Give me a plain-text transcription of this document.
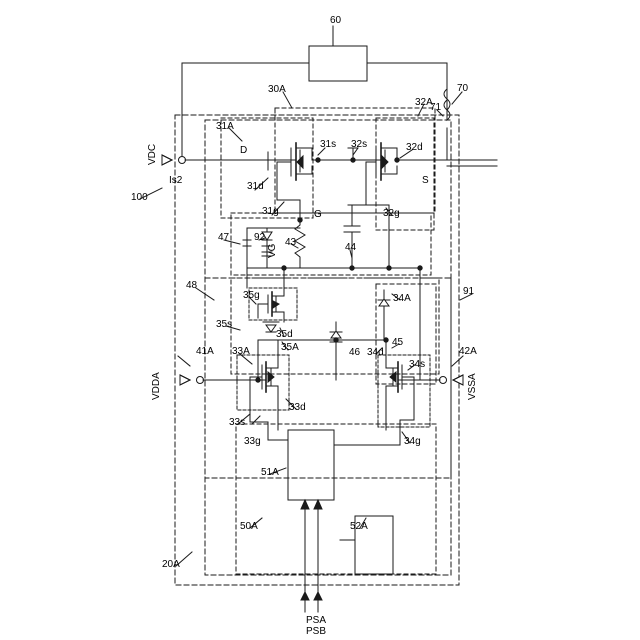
60
30A
32A
70
71
31A
31s 32s	32d
D
VDC
Is2
31d
S
100
31g	G	32g
47 92 43	44
VG
48
35g	34A
91
35s
35d
33A	35A	46 34d
45
34s
41A	42A
VDDA	VSSA
33d
33s
34g
33g
51A
50A	52A
20A
PSA
PSB
